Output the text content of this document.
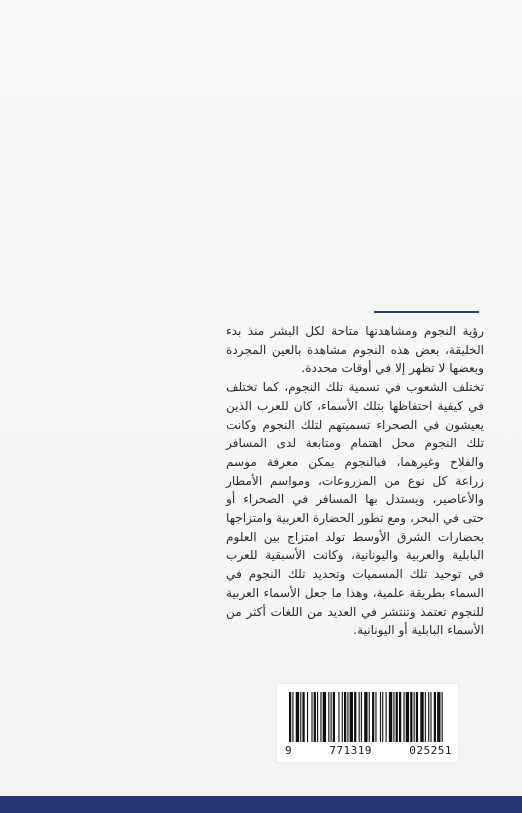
رؤية النجوم ومشاهدتها متاحة لكل البشر منذ بدء الخليقة، بعض هذه النجوم مشاهدة بالعين المجردة وبعضها لا تظهر إلا في أوقات محددة.

تختلف الشعوب في تسمية تلك النجوم، كما تختلف في كيفية احتفاظها بتلك الأسماء، كان للعرب الذين يعيشون في الصحراء تسميتهم لتلك النجوم وكانت تلك النجوم محل اهتمام ومتابعة لدى المسافر والفلاح وغيرهما، فبالنجوم يمكن معرفة موسم زراعة كل نوع من المزروعات، ومواسم الأمطار والأعاصير، ويستدل بها المسافر في الصحراء أو حتى في البحر، ومع تطور الحضارة العربية وامتزاجها بحضارات الشرق الأوسط تولد امتزاج بين العلوم البابلية والعربية واليونانية، وكانت الأسبقية للعرب في توحيد تلك المسميات وتحديد تلك النجوم في السماء بطريقة علمية، وهذا ما جعل الأسماء العربية للنجوم تعتمد وتنتشر في العديد من اللغات أكثر من الأسماء البابلية أو اليونانية.

9	771319	025251
